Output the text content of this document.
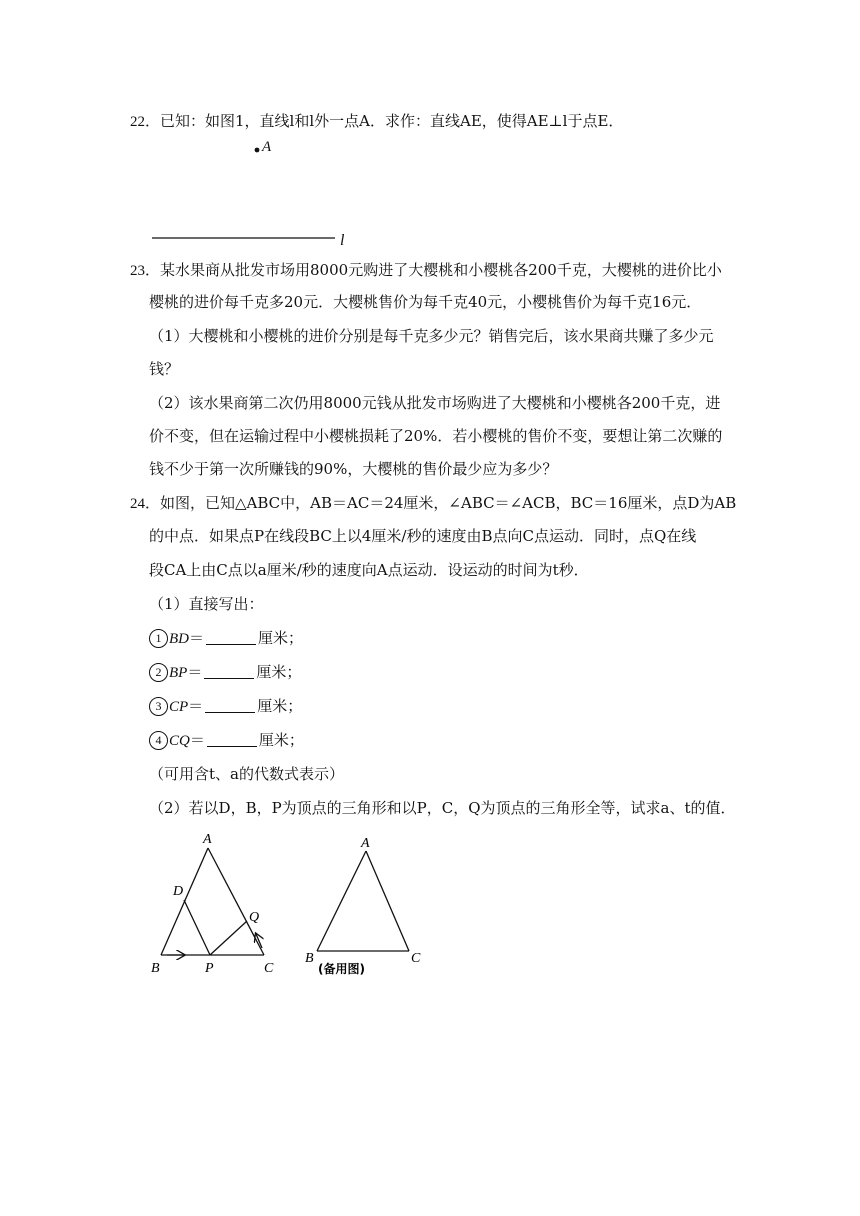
22．已知：如图1，直线l和l外一点A．求作：直线AE，使得AE⊥l于点E．
A
l
23．某水果商从批发市场用8000元购进了大樱桃和小樱桃各200千克，大樱桃的进价比小
樱桃的进价每千克多20元．大樱桃售价为每千克40元，小樱桃售价为每千克16元．
（1）大樱桃和小樱桃的进价分别是每千克多少元？销售完后，该水果商共赚了多少元
钱？
（2）该水果商第二次仍用8000元钱从批发市场购进了大樱桃和小樱桃各200千克，进
价不变，但在运输过程中小樱桃损耗了20%．若小樱桃的售价不变，要想让第二次赚的
钱不少于第一次所赚钱的90%，大樱桃的售价最少应为多少？
24．如图，已知△ABC中，AB＝AC＝24厘米，∠ABC＝∠ACB，BC＝16厘米，点D为AB
的中点．如果点P在线段BC上以4厘米/秒的速度由B点向C点运动．同时，点Q在线
段CA上由C点以a厘米/秒的速度向A点运动．设运动的时间为t秒．
（1）直接写出：
1 BD＝	厘米；
2 BP＝	厘米；
3 CP＝	厘米；
4 CQ＝	厘米；
（可用含t、a的代数式表示）
（2）若以D，B，P为顶点的三角形和以P，C，Q为顶点的三角形全等，试求a、t的值．
A
D
Q
B	P	C
A
B	C
(备用图)
